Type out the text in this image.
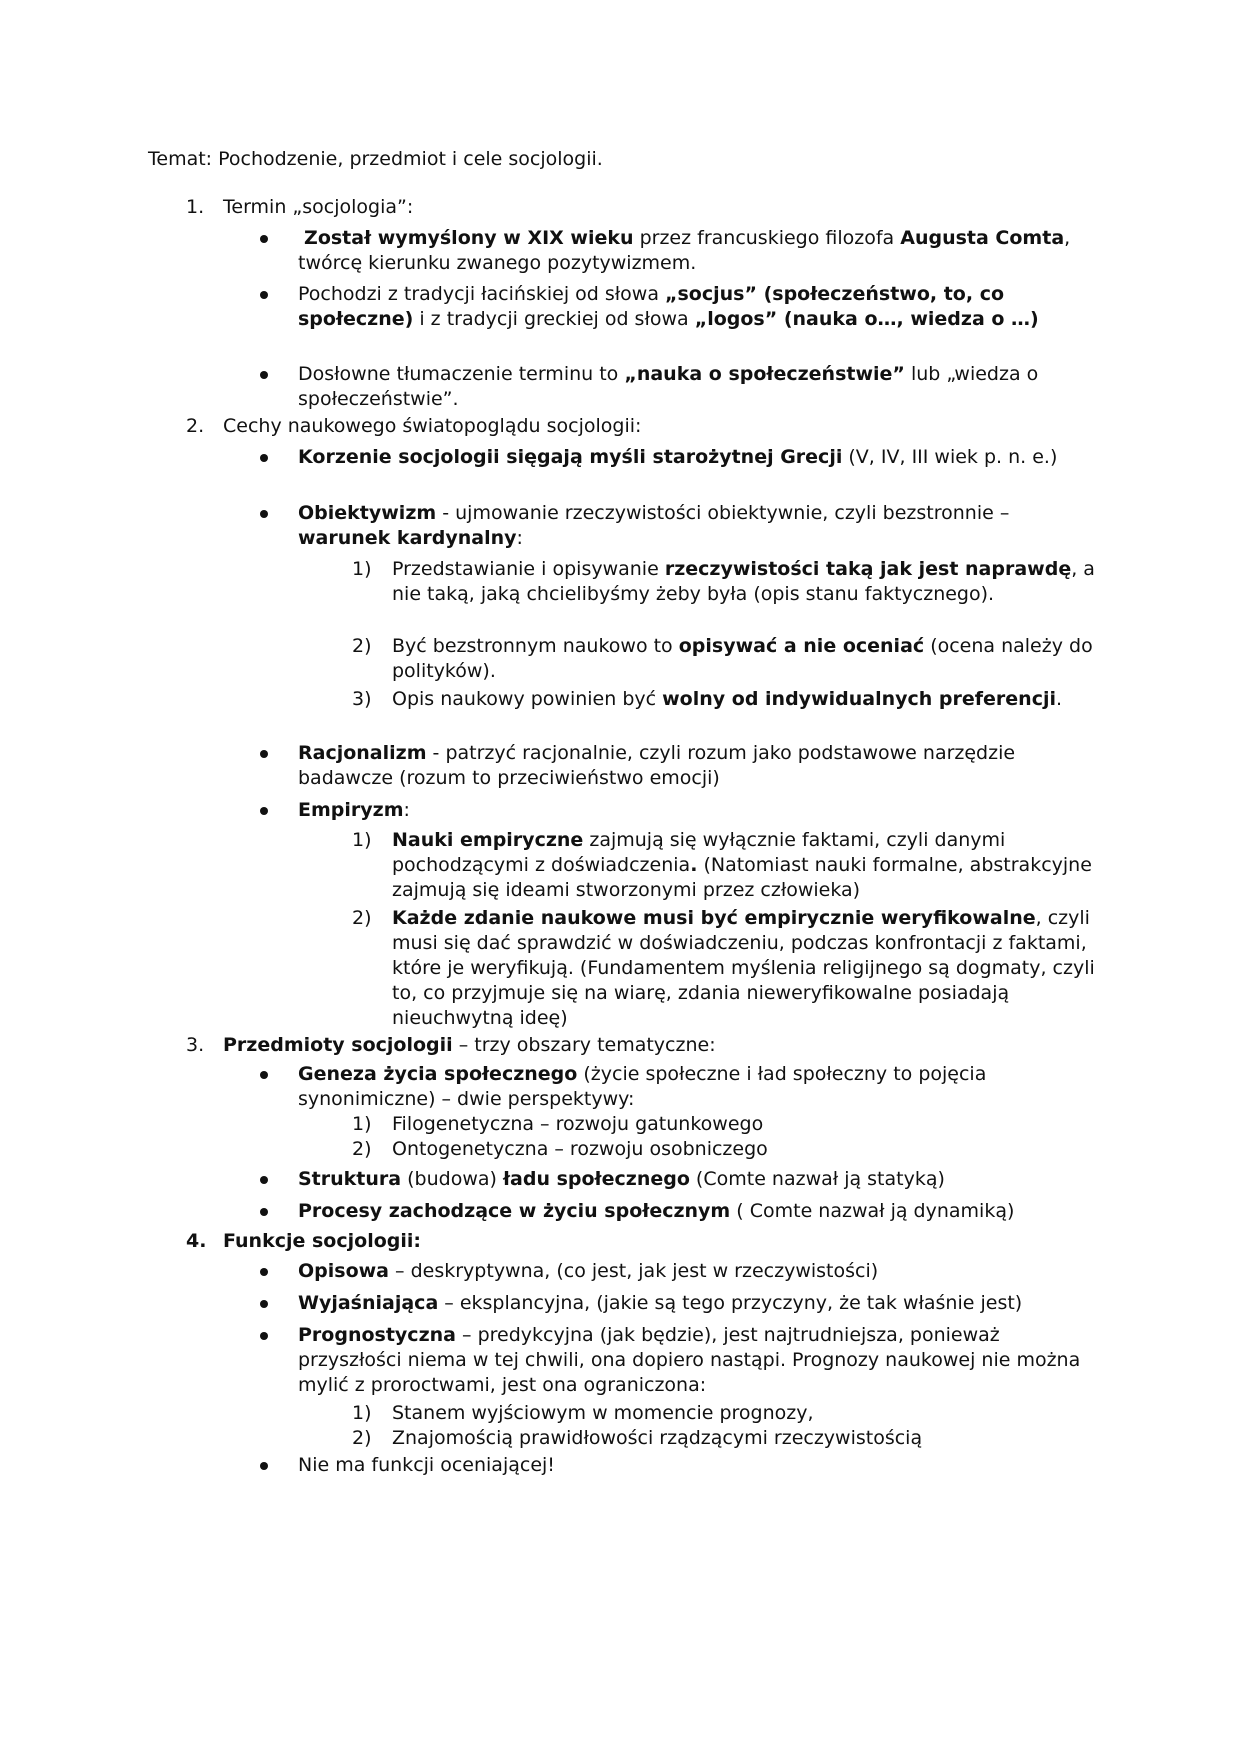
Temat: Pochodzenie, przedmiot i cele socjologii.

1. Termin „socjologia”:

Został wymyślony w XIX wieku przez francuskiego filozofa Augusta Comta, twórcę kierunku zwanego pozytywizmem.

Pochodzi z tradycji łacińskiej od słowa „socjus” (społeczeństwo, to, co społeczne) i z tradycji greckiej od słowa „logos” (nauka o…, wiedza o …)

Dosłowne tłumaczenie terminu to „nauka o społeczeństwie” lub „wiedza o społeczeństwie”.

2. Cechy naukowego światopoglądu socjologii:

Korzenie socjologii sięgają myśli starożytnej Grecji (V, IV, III wiek p. n. e.)

Obiektywizm - ujmowanie rzeczywistości obiektywnie, czyli bezstronnie – warunek kardynalny:

1) Przedstawianie i opisywanie rzeczywistości taką jak jest naprawdę, a nie taką, jaką chcielibyśmy żeby była (opis stanu faktycznego).

2) Być bezstronnym naukowo to opisywać a nie oceniać (ocena należy do polityków).

3) Opis naukowy powinien być wolny od indywidualnych preferencji.

Racjonalizm - patrzyć racjonalnie, czyli rozum jako podstawowe narzędzie badawcze (rozum to przeciwieństwo emocji)

Empiryzm:

1) Nauki empiryczne zajmują się wyłącznie faktami, czyli danymi pochodzącymi z doświadczenia. (Natomiast nauki formalne, abstrakcyjne zajmują się ideami stworzonymi przez człowieka)

2) Każde zdanie naukowe musi być empirycznie weryfikowalne, czyli musi się dać sprawdzić w doświadczeniu, podczas konfrontacji z faktami, które je weryfikują. (Fundamentem myślenia religijnego są dogmaty, czyli to, co przyjmuje się na wiarę, zdania nieweryfikowalne posiadają nieuchwytną ideę)

3. Przedmioty socjologii – trzy obszary tematyczne:

Geneza życia społecznego (życie społeczne i ład społeczny to pojęcia synonimiczne) – dwie perspektywy:

1) Filogenetyczna – rozwoju gatunkowego

2) Ontogenetyczna – rozwoju osobniczego

Struktura (budowa) ładu społecznego (Comte nazwał ją statyką)

Procesy zachodzące w życiu społecznym ( Comte nazwał ją dynamiką)

4. Funkcje socjologii:

Opisowa – deskryptywna, (co jest, jak jest w rzeczywistości)

Wyjaśniająca – eksplancyjna, (jakie są tego przyczyny, że tak właśnie jest)

Prognostyczna – predykcyjna (jak będzie), jest najtrudniejsza, ponieważ przyszłości niema w tej chwili, ona dopiero nastąpi. Prognozy naukowej nie można mylić z proroctwami, jest ona ograniczona:

1) Stanem wyjściowym w momencie prognozy,

2) Znajomością prawidłowości rządzącymi rzeczywistością

Nie ma funkcji oceniającej!
